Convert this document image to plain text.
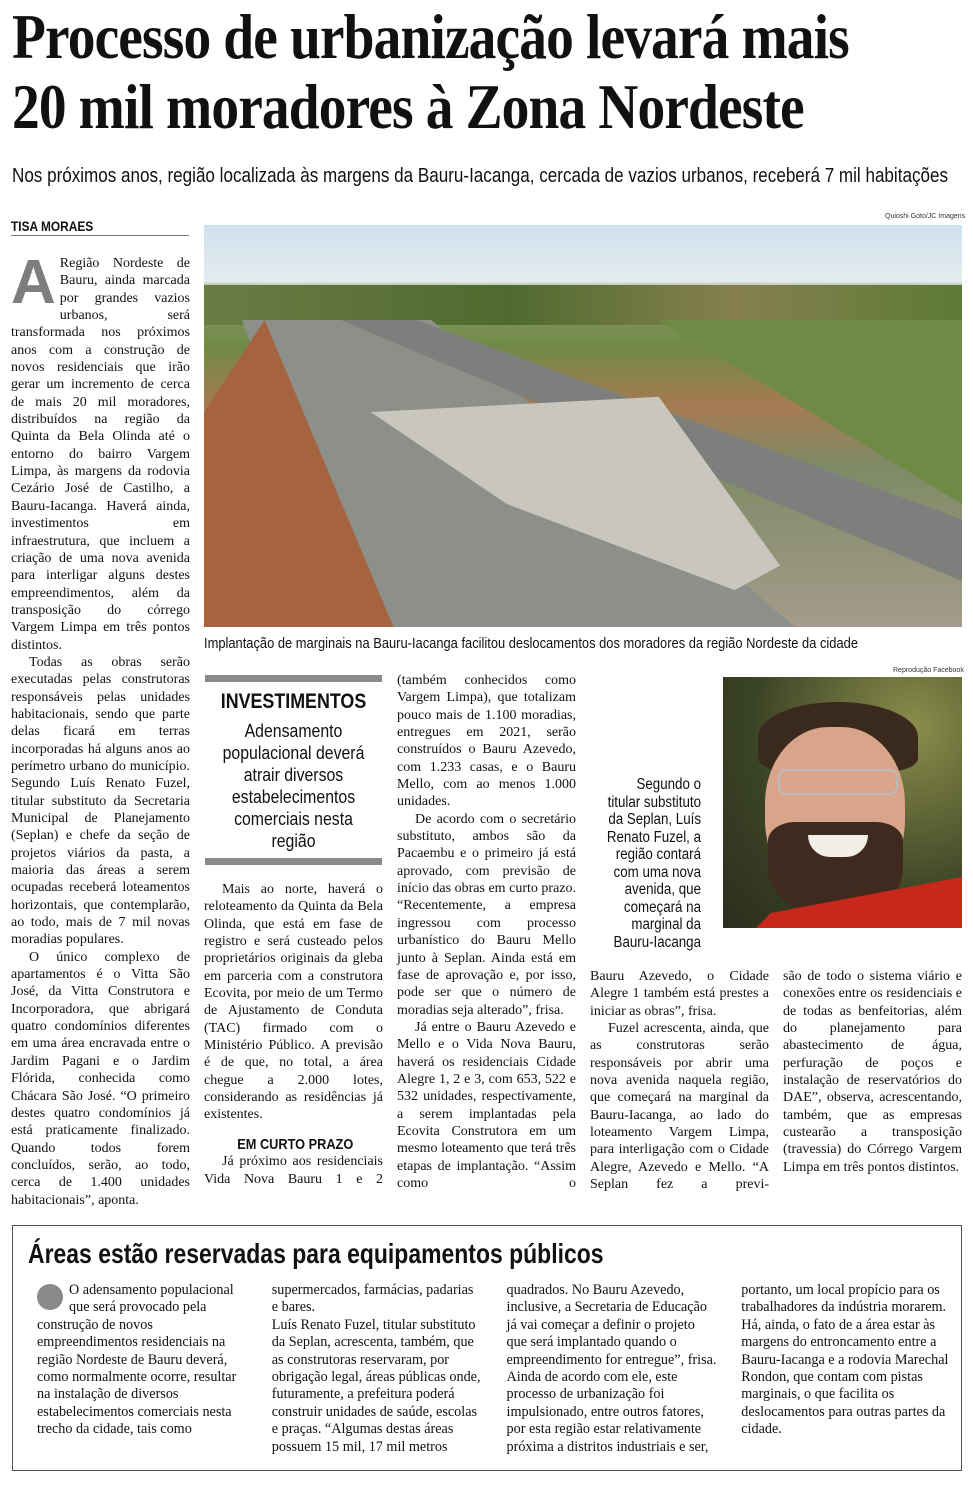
Processo de urbanização levará mais
20 mil moradores à Zona Nordeste
Nos próximos anos, região localizada às margens da Bauru-Iacanga, cercada de vazios urbanos, receberá 7 mil habitações
TISA MORAES
Quioshi Goto/JC Imagens
Implantação de marginais na Bauru-Iacanga facilitou deslocamentos dos moradores da região Nordeste da cidade

A Região Nordeste de Bauru, ainda marcada por grandes vazios urbanos, será transformada nos próximos anos com a construção de novos residenciais que irão gerar um incremento de cerca de mais 20 mil moradores, distribuídos na região da Quinta da Bela Olinda até o entorno do bairro Vargem Limpa, às margens da rodovia Cezário José de Castilho, a Bauru-Iacanga. Haverá ainda, investimentos em infraestrutura, que incluem a criação de uma nova avenida para interligar alguns destes empreendimentos, além da transposição do córrego Vargem Limpa em três pontos distintos.

Todas as obras serão executadas pelas construtoras responsáveis pelas unidades habitacionais, sendo que parte delas ficará em terras incorporadas há alguns anos ao perímetro urbano do município. Segundo Luís Renato Fuzel, titular substituto da Secretaria Municipal de Planejamento (Seplan) e chefe da seção de projetos viários da pasta, a maioria das áreas a serem ocupadas receberá loteamentos horizontais, que contemplarão, ao todo, mais de 7 mil novas moradias populares.

O único complexo de apartamentos é o Vitta São José, da Vitta Construtora e Incorporadora, que abrigará quatro condomínios diferentes em uma área encravada entre o Jardim Pagani e o Jardim Flórida, conhecida como Chácara São José. “O primeiro destes quatro condomínios já está praticamente finalizado. Quando todos forem concluídos, serão, ao todo, cerca de 1.400 unidades habitacionais”, aponta.

INVESTIMENTOS
Adensamento populacional deverá atrair diversos estabelecimentos comerciais nesta região

Mais ao norte, haverá o reloteamento da Quinta da Bela Olinda, que está em fase de registro e será custeado pelos proprietários originais da gleba em parceria com a construtora Ecovita, por meio de um Termo de Ajustamento de Conduta (TAC) firmado com o Ministério Público. A previsão é de que, no total, a área chegue a 2.000 lotes, considerando as residências já existentes.

EM CURTO PRAZO

Já próximo aos residenciais Vida Nova Bauru 1 e 2

(também conhecidos como Vargem Limpa), que totalizam pouco mais de 1.100 moradias, entregues em 2021, serão construídos o Bauru Azevedo, com 1.233 casas, e o Bauru Mello, com ao menos 1.000 unidades.

De acordo com o secretário substituto, ambos são da Pacaembu e o primeiro já está aprovado, com previsão de início das obras em curto prazo. “Recentemente, a empresa ingressou com processo urbanístico do Bauru Mello junto à Seplan. Ainda está em fase de aprovação e, por isso, pode ser que o número de moradias seja alterado”, frisa.

Já entre o Bauru Azevedo e Mello e o Vida Nova Bauru, haverá os residenciais Cidade Alegre 1, 2 e 3, com 653, 522 e 532 unidades, respectivamente, a serem implantadas pela Ecovita Construtora em um mesmo loteamento que terá três etapas de implantação. “Assim como o

Reprodução Facebook
Segundo o titular substituto da Seplan, Luís Renato Fuzel, a região contará com uma nova avenida, que começará na marginal da Bauru-Iacanga

Bauru Azevedo, o Cidade Alegre 1 também está prestes a iniciar as obras”, frisa.

Fuzel acrescenta, ainda, que as construtoras serão responsáveis por abrir uma nova avenida naquela região, que começará na marginal da Bauru-Iacanga, ao lado do loteamento Vargem Limpa, para interligação com o Cidade Alegre, Azevedo e Mello. “A Seplan fez a previ-

são de todo o sistema viário e conexões entre os residenciais e de todas as benfeitorias, além do planejamento para abastecimento de água, perfuração de poços e instalação de reservatórios do DAE”, observa, acrescentando, também, que as empresas custearão a transposição (travessia) do Córrego Vargem Limpa em três pontos distintos.

Áreas estão reservadas para equipamentos públicos

O adensamento populacional que será provocado pela construção de novos empreendimentos residenciais na região Nordeste de Bauru deverá, como normalmente ocorre, resultar na instalação de diversos estabelecimentos comerciais nesta trecho da cidade, tais como supermercados, farmácias, padarias e bares.

Luís Renato Fuzel, titular substituto da Seplan, acrescenta, também, que as construtoras reservaram, por obrigação legal, áreas públicas onde, futuramente, a prefeitura poderá construir unidades de saúde, escolas e praças. “Algumas destas áreas possuem 15 mil, 17 mil metros quadrados. No Bauru Azevedo, inclusive, a Secretaria de Educação já vai começar a definir o projeto que será implantado quando o empreendimento for entregue”, frisa.

Ainda de acordo com ele, este processo de urbanização foi impulsionado, entre outros fatores, por esta região estar relativamente próxima a distritos industriais e ser, portanto, um local propício para os trabalhadores da indústria morarem. Há, ainda, o fato de a área estar às margens do entroncamento entre a Bauru-Iacanga e a rodovia Marechal Rondon, que contam com pistas marginais, o que facilita os deslocamentos para outras partes da cidade.
